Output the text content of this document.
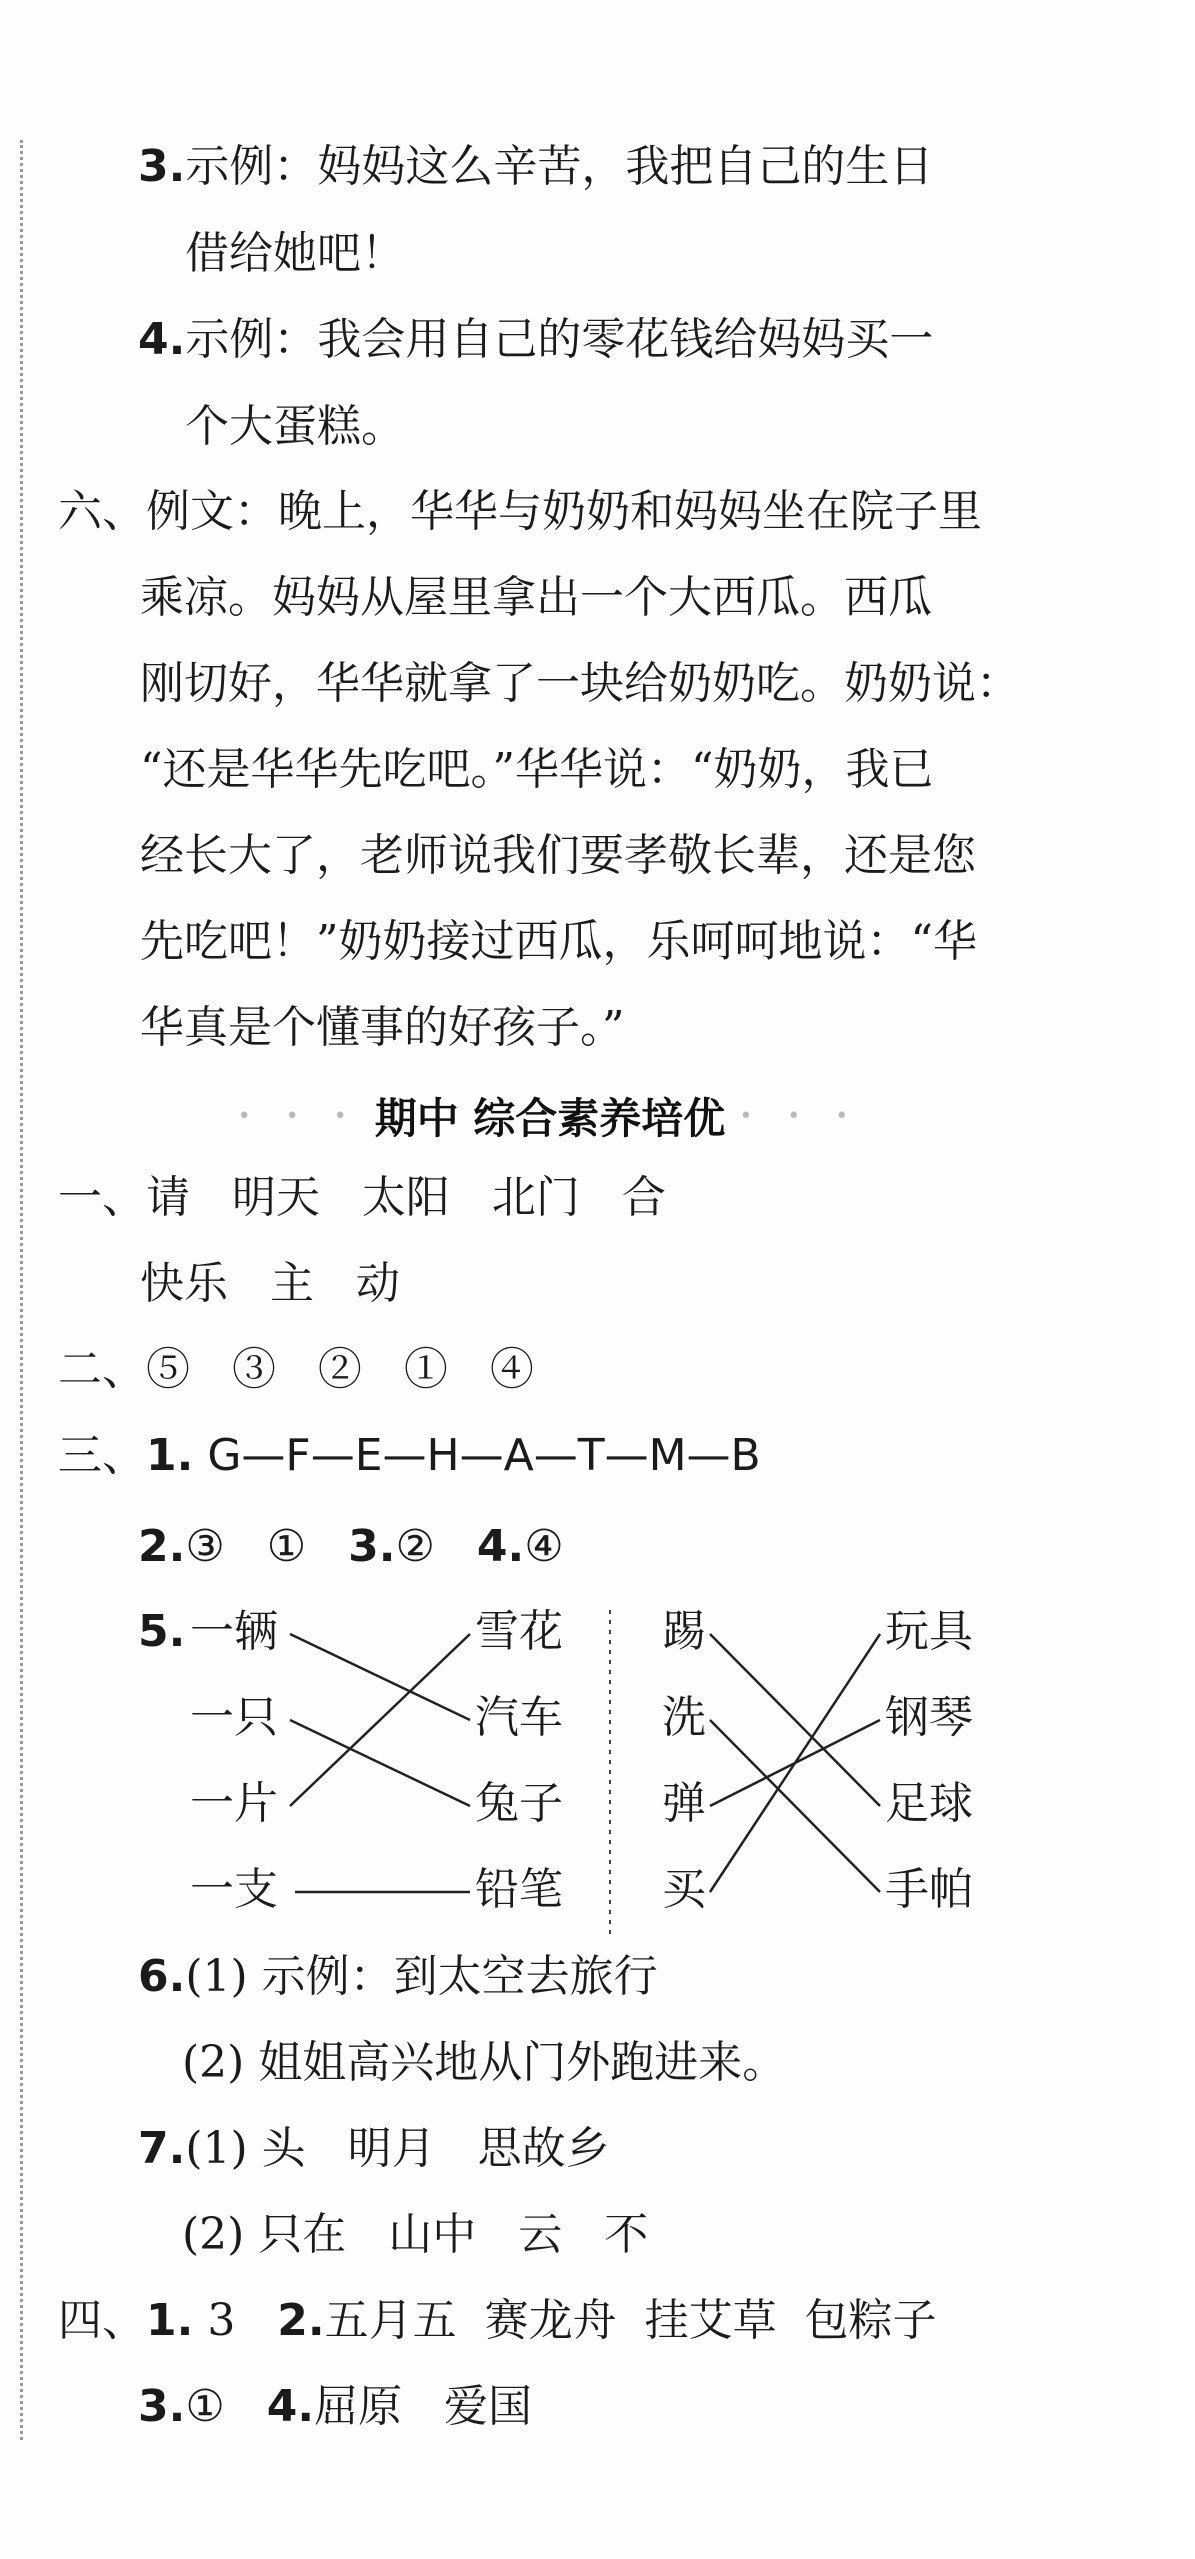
3.示例：妈妈这么辛苦，我把自己的生日
借给她吧！
4.示例：我会用自己的零花钱给妈妈买一
个大蛋糕。
六、例文：晚上，华华与奶奶和妈妈坐在院子里
乘凉。妈妈从屋里拿出一个大西瓜。西瓜
刚切好，华华就拿了一块给奶奶吃。奶奶说：
“还是华华先吃吧。”华华说：“奶奶，我已
经长大了，老师说我们要孝敬长辈，还是您
先吃吧！”奶奶接过西瓜，乐呵呵地说：“华
华真是个懂事的好孩子。”
• • • 期中 综合素养培优 • • •
一、请   明天   太阳   北门   合
快乐   主   动
二、⑤   ③   ②   ①   ④
三、1. G—F—E—H—A—T—M—B
2.③   ①   3.②   4.④
5. 一辆
一只
一片
一支
雪花
汽车
兔子
铅笔
踢
洗
弹
买
玩具
钢琴
足球
手帕
6.(1) 示例：到太空去旅行
(2) 姐姐高兴地从门外跑进来。
7.(1) 头   明月   思故乡
(2) 只在   山中   云   不
四、1. 3   2.五月五  赛龙舟  挂艾草  包粽子
3.①   4.屈原   爱国
